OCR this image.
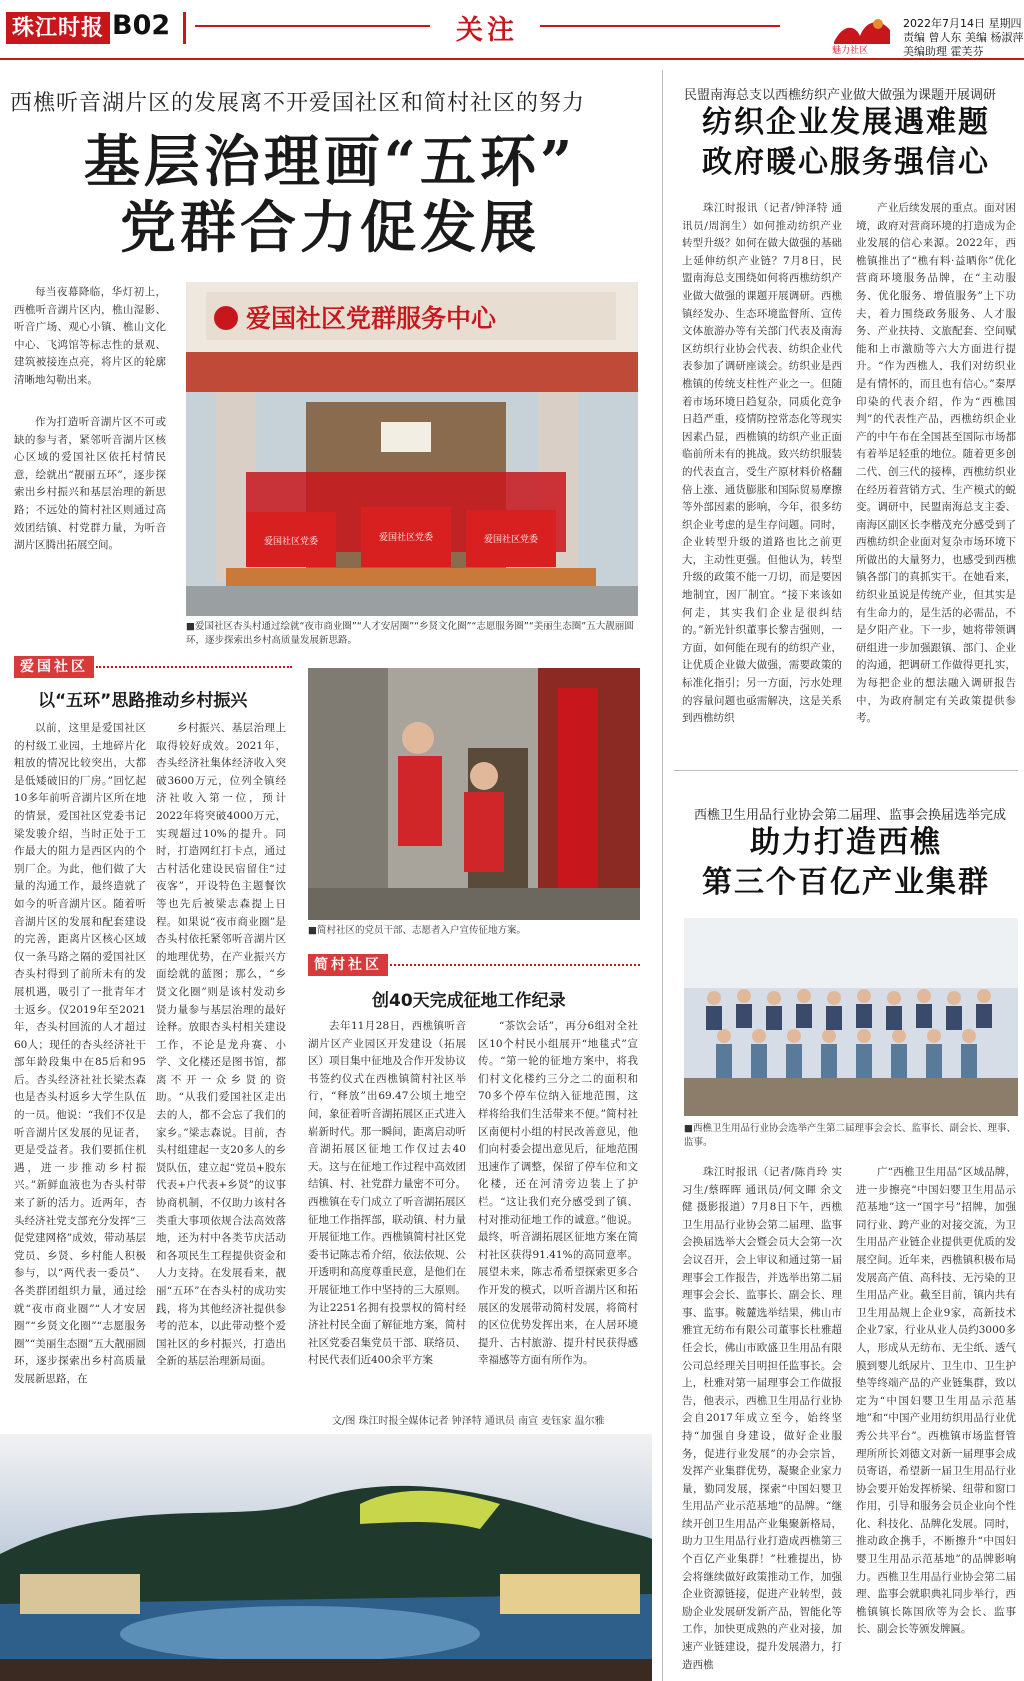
珠江时报 B02	关注
魅力社区
2022年7月14日 星期四
责编 曾人东 美编 杨淑萍
美编助理 霍芙芬
西樵听音湖片区的发展离不开爱国社区和简村社区的努力
基层治理画“五环”
党群合力促发展
每当夜幕降临，华灯初上，西樵听音湖片区内，樵山湿影、听音广场、观心小镇、樵山文化中心、飞鸿馆等标志性的景观、建筑被接连点亮，将片区的轮廓清晰地勾勒出来。
作为打造听音湖片区不可或缺的参与者，紧邻听音湖片区核心区域的爱国社区依托村情民意，绘就出“靓丽五环”，逐步探索出乡村振兴和基层治理的新思路；不远处的简村社区则通过高效团结镇、村党群力量，为听音湖片区腾出拓展空间。
爱国社区党群服务中心
爱国社区党委	爱国社区党委	爱国社区党委
■爱国社区杏头村通过绘就“夜市商业圈”“人才安居圈”“乡贤文化圈”“志愿服务圈”“美丽生态圈”五大靓丽圆环，逐步探索出乡村高质量发展新思路。
爱国社区
以“五环”思路推动乡村振兴
以前，这里是爱国社区的村级工业园，土地碎片化粗放的情况比较突出，大都是低矮破旧的厂房。”回忆起10多年前听音湖片区所在地的情景，爱国社区党委书记梁发骏介绍，当时正处于工作最大的阻力是西区内的个别厂企。为此，他们做了大量的沟通工作，最终造就了如今的听音湖片区。随着听音湖片区的发展和配套建设的完善，距离片区核心区域仅一条马路之隔的爱国社区杏头村得到了前所未有的发展机遇，吸引了一批青年才士返乡。仅2019年至2021年，杏头村回流的人才超过60人；现任的杏头经济社干部年龄段集中在85后和95后。杏头经济社社长梁杰森也是杏头村返乡大学生队伍的一员。他说：“我们不仅是听音湖片区发展的见证者，更是受益者。我们要抓住机遇，进一步推动乡村振兴。”新鲜血液也为杏头村带来了新的活力。近两年，杏头经济社党支部充分发挥“三促党建网格”成效，带动基层党员、乡贤、乡村能人积极参与，以“两代表一委员”、各类群团组织力量，通过绘就“夜市商业圈”“人才安居圈”“乡贤文化圈”“志愿服务圈”“美丽生态圈”五大靓丽圆环，逐步探索出乡村高质量发展新思路，在
乡村振兴、基层治理上取得较好成效。2021年，杏头经济社集体经济收入突破3600万元，位列全镇经济社收入第一位，预计2022年将突破4000万元，实现超过10%的提升。同时，打造网红打卡点，通过古村活化建设民宿留住“过夜客”，开设特色主题餐饮等也先后被梁志森提上日程。如果说“夜市商业圈”是杏头村依托紧邻听音湖片区的地理优势，在产业振兴方面绘就的蓝图；那么，“乡贤文化圈”则是该村发动乡贤力量参与基层治理的最好诠释。放眼杏头村相关建设工作，不论是龙舟赛、小学、文化楼还是图书馆，都离不开一众乡贤的资助。“从我们爱国社区走出去的人，都不会忘了我们的家乡。”梁志森说。目前，杏头村组建起一支20多人的乡贤队伍，建立起“党员+股东代表+户代表+乡贤”的议事协商机制，不仅助力该村各类重大事项依规合法高效落地，还为村中各类节庆活动和各项民生工程提供资金和人力支持。在发展看来，靓丽“五环”在杏头村的成功实践，将为其他经济社提供参考的范本，以此带动整个爱国社区的乡村振兴，打造出全新的基层治理新局面。
■简村社区的党员干部、志愿者入户宣传征地方案。
简村社区
创40天完成征地工作纪录
去年11月28日，西樵镇听音湖片区产业园区开发建设（拓展区）项目集中征地及合作开发协议书签约仪式在西樵镇简村社区举行，“释放”出69.47公顷土地空间，象征着听音湖拓展区正式进入崭新时代。那一瞬间，距离启动听音湖拓展区征地工作仅过去40天。这与在征地工作过程中高效团结镇、村、社党群力量密不可分。西樵镇在专门成立了听音湖拓展区征地工作指挥部，联动镇、村力量开展征地工作。西樵镇简村社区党委书记陈志希介绍，依法依规、公开透明和高度尊重民意，是他们在开展征地工作中坚持的三大原则。为让2251名拥有投票权的简村经济社村民全面了解征地方案，简村社区党委召集党员干部、联络员、村民代表们近400余平方案
“茶饮会话”，再分6组对全社区10个村民小组展开“地毯式”宣传。“第一轮的征地方案中，将我们村文化楼约三分之二的面积和70多个停车位纳入征地范围，这样将给我们生活带来不便。”简村社区南便村小组的村民改善意见，他们向村委会提出意见后，征地范围迅速作了调整，保留了停车位和文化楼，还在河清旁边装上了护栏。“这让我们充分感受到了镇、村对推动征地工作的诚意。”他说。最终，听音湖拓展区征地方案在简村社区获得91.41%的高同意率。展望未来，陈志希希望探索更多合作开发的模式，以听音湖片区和拓展区的发展带动简村发展，将简村的区位优势发挥出来，在人居环境提升、古村旅游、提升村民获得感幸福感等方面有所作为。
文/图 珠江时报全媒体记者 钟泽特 通讯员 南宣 麦钰家 温尔雅
民盟南海总支以西樵纺织产业做大做强为课题开展调研
纺织企业发展遇难题
政府暖心服务强信心
珠江时报讯（记者/钟泽特 通讯员/周润生）如何推动纺织产业转型升级？如何在做大做强的基础上延伸纺织产业链？7月8日，民盟南海总支围绕如何将西樵纺织产业做大做强的课题开展调研。西樵镇经发办、生态环境监督所、宣传文体旅游办等有关部门代表及南海区纺织行业协会代表、纺织企业代表参加了调研座谈会。纺织业是西樵镇的传统支柱性产业之一。但随着市场环境日趋复杂，同质化竞争日趋严重，疫情防控常态化等现实因素凸显，西樵镇的纺织产业正面临前所未有的挑战。致兴纺织服装的代表直言，受生产原材料价格翻倍上涨、通货膨胀和国际贸易摩擦等外部因素的影响，今年，很多纺织企业考虑的是生存问题。同时，企业转型升级的道路也比之前更大，主动性更强。但他认为，转型升级的政策不能一刀切，而是要因地制宜，因厂制宜。“接下来该如何走，其实我们企业是很纠结的。”新光针织董事长黎吉强则，一方面，如何能在现有的纺织产业，让优质企业做大做强，需要政策的标准化指引；另一方面，污水处理的容量问题也亟需解决，这是关系到西樵纺织
产业后续发展的重点。面对困境，政府对营商环境的打造成为企业发展的信心来源。2022年，西樵镇推出了“樵有料·益晒你”优化营商环境服务品牌，在“主动服务、优化服务、增值服务”上下功夫，着力围绕政务服务、人才服务、产业扶持、文旅配套、空间赋能和上市激励等六大方面进行提升。“作为西樵人，我们对纺织业是有情怀的，而且也有信心。”秦厚印染的代表介绍，作为“西樵国判”的代表性产品，西樵纺织企业产的中午布在全国甚至国际市场都有着举足轻重的地位。随着更多创二代、创三代的接棒，西樵纺织业在经历着营销方式、生产模式的蜕变。调研中，民盟南海总支主委、南海区副区长李楷茂充分感受到了西樵纺织企业面对复杂市场环境下所做出的大量努力，也感受到西樵镇各部门的真抓实干。在她看来，纺织业虽说是传统产业，但其实是有生命力的，是生活的必需品，不是夕阳产业。下一步，她将带领调研组进一步加强跟镇、部门、企业的沟通，把调研工作做得更扎实，为每把企业的想法融入调研报告中，为政府制定有关政策提供参考。
西樵卫生用品行业协会第二届理、监事会换届选举完成
助力打造西樵
第三个百亿产业集群
■西樵卫生用品行业协会选举产生第二届理事会会长、监事长、副会长、理事、监事。
珠江时报讯（记者/陈肖玲 实习生/蔡晖晖 通讯员/何文暉 余文健 摄影报道）7月8日下午，西樵卫生用品行业协会第二届理、监事会换届选举大会暨会员大会第一次会议召开，会上审议和通过第一届理事会工作报告，并选举出第二届理事会会长、监事长、副会长、理事、监事。鞍麓选举结果，佛山市雅宜无纺布有限公司董事长杜雅超任会长，佛山市欧盛卫生用品有限公司总经理关目明担任监事长。会上，杜雅对第一届理事会工作做报告，他表示，西樵卫生用品行业协会自2017年成立至今，始终坚持“加强自身建设，做好企业服务，促进行业发展”的办会宗旨，发挥产业集群优势，凝聚企业家力量，勠同发展，探索“中国妇婴卫生用品产业示范基地”的品牌。“继续开创卫生用品产业集聚新格局，助力卫生用品行业打造成西樵第三个百亿产业集群！”杜雅提出，协会将继续做好政策推动工作，加强企业资源链接，促进产业转型，鼓励企业发展研发新产品，智能化等工作，加快更成熟的产业对接，加速产业链建设，提升发展潜力，打造西樵
广“西樵卫生用品”区域品牌，进一步擦亮“中国妇婴卫生用品示范基地”这一“国字号”招牌，加强同行业、跨产业的对接交流，为卫生用品产业链企业提供更优质的发展空间。近年来，西樵镇积极布局发展高产值、高科技、无污染的卫生用品产业。截至目前，镇内共有卫生用品规上企业9家，高新技术企业7家，行业从业人员约3000多人，形成从无纺布、无尘纸、透气膜到婴儿纸尿片、卫生巾、卫生护垫等终端产品的产业链集群，致以定为“中国妇婴卫生用品示范基地”和“中国产业用纺织用品行业优秀公共平台”。西樵镇市场监督管理所所长刘德文对新一届理事会成员寄语，希望新一届卫生用品行业协会要开始发挥桥梁、纽带和窗口作用，引导和服务会员企业向个性化、科技化、品牌化发展。同时，推动政企携手，不断擦升“中国妇婴卫生用品示范基地”的品牌影响力。西樵卫生用品行业协会第二届理、监事会就职典礼同步举行，西樵镇镇长陈国欣等为会长、监事长、副会长等颁发牌匾。
